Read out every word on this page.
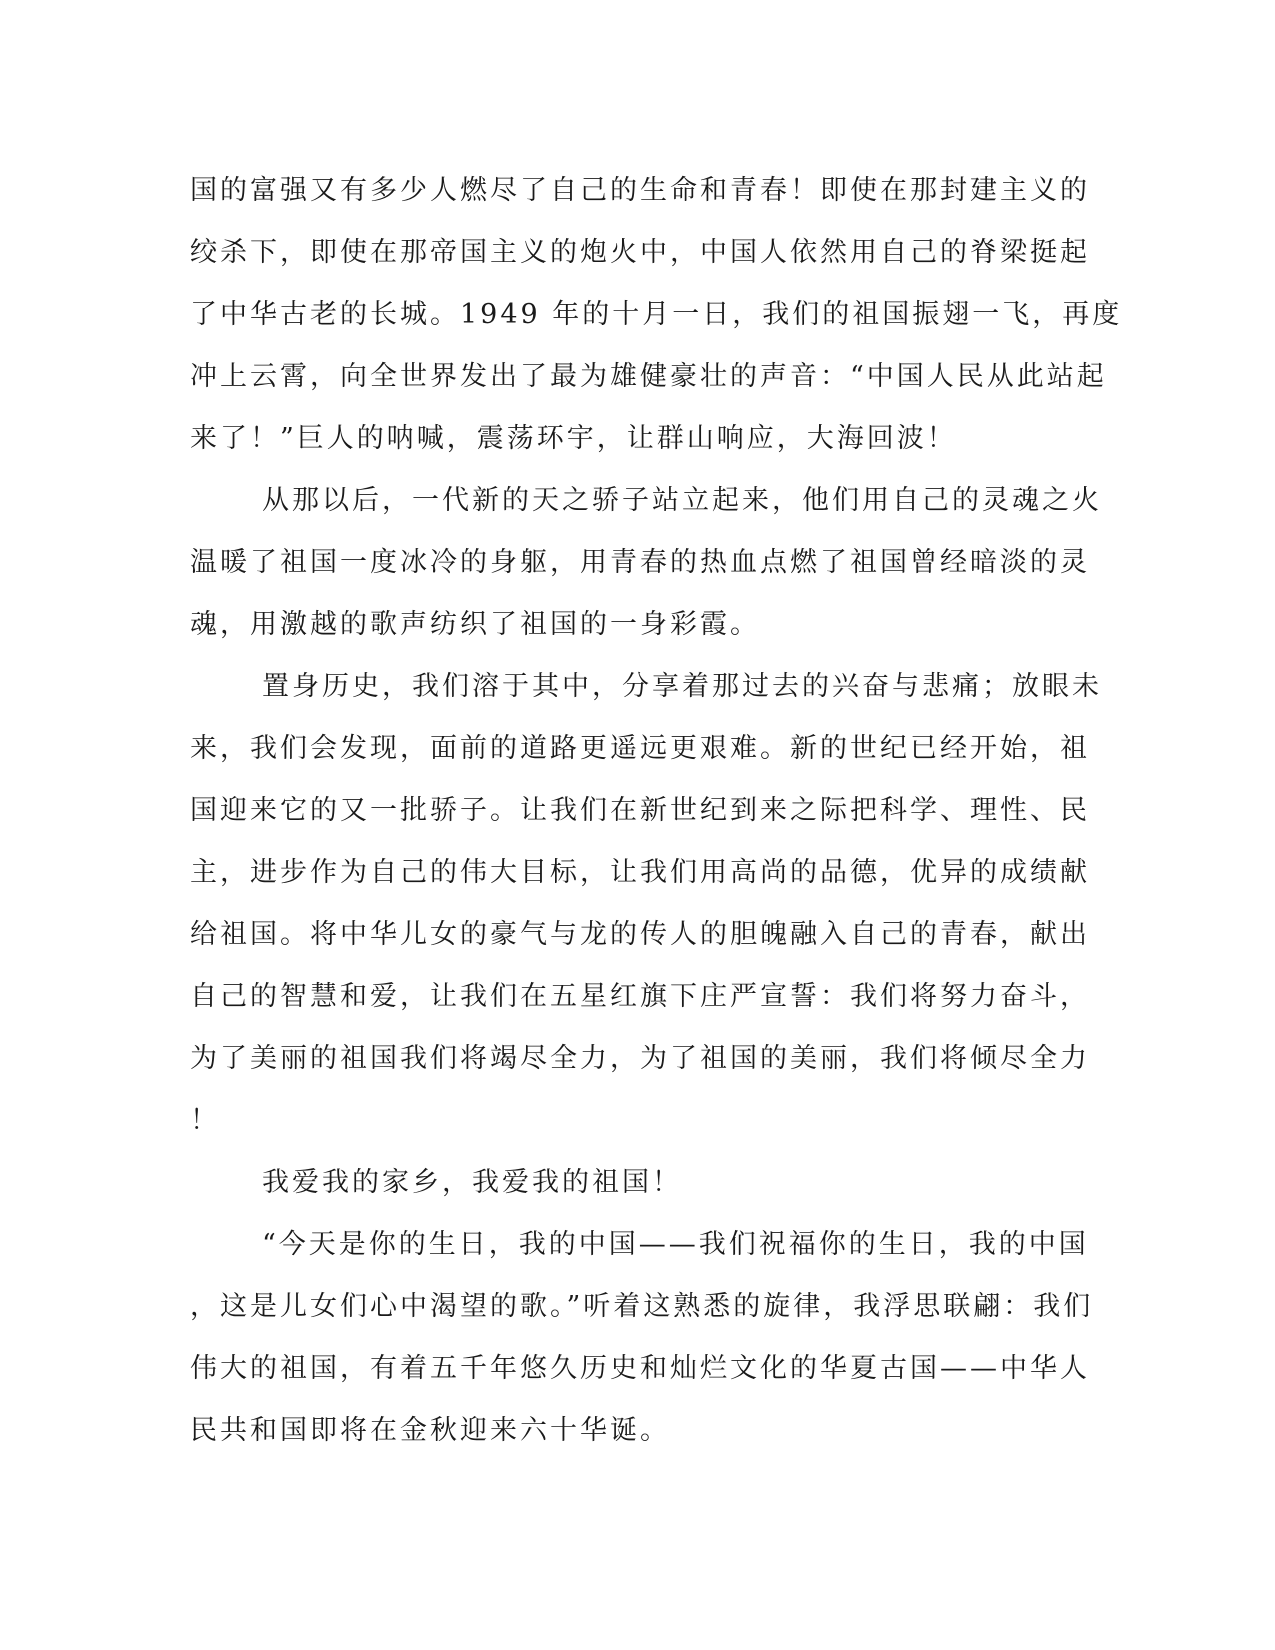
国的富强又有多少人燃尽了自己的生命和青春！即使在那封建主义的
绞杀下，即使在那帝国主义的炮火中，中国人依然用自己的脊梁挺起
了中华古老的长城。1949 年的十月一日，我们的祖国振翅一飞，再度
冲上云霄，向全世界发出了最为雄健豪壮的声音：“中国人民从此站起
来了！”巨人的呐喊，震荡环宇，让群山响应，大海回波！
从那以后，一代新的天之骄子站立起来，他们用自己的灵魂之火
温暖了祖国一度冰冷的身躯，用青春的热血点燃了祖国曾经暗淡的灵
魂，用激越的歌声纺织了祖国的一身彩霞。
置身历史，我们溶于其中，分享着那过去的兴奋与悲痛；放眼未
来，我们会发现，面前的道路更遥远更艰难。新的世纪已经开始，祖
国迎来它的又一批骄子。让我们在新世纪到来之际把科学、理性、民
主，进步作为自己的伟大目标，让我们用高尚的品德，优异的成绩献
给祖国。将中华儿女的豪气与龙的传人的胆魄融入自己的青春，献出
自己的智慧和爱，让我们在五星红旗下庄严宣誓：我们将努力奋斗，
为了美丽的祖国我们将竭尽全力，为了祖国的美丽，我们将倾尽全力
！
我爱我的家乡，我爱我的祖国！
“今天是你的生日，我的中国——我们祝福你的生日，我的中国
，这是儿女们心中渴望的歌。”听着这熟悉的旋律，我浮思联翩：我们
伟大的祖国，有着五千年悠久历史和灿烂文化的华夏古国——中华人
民共和国即将在金秋迎来六十华诞。
